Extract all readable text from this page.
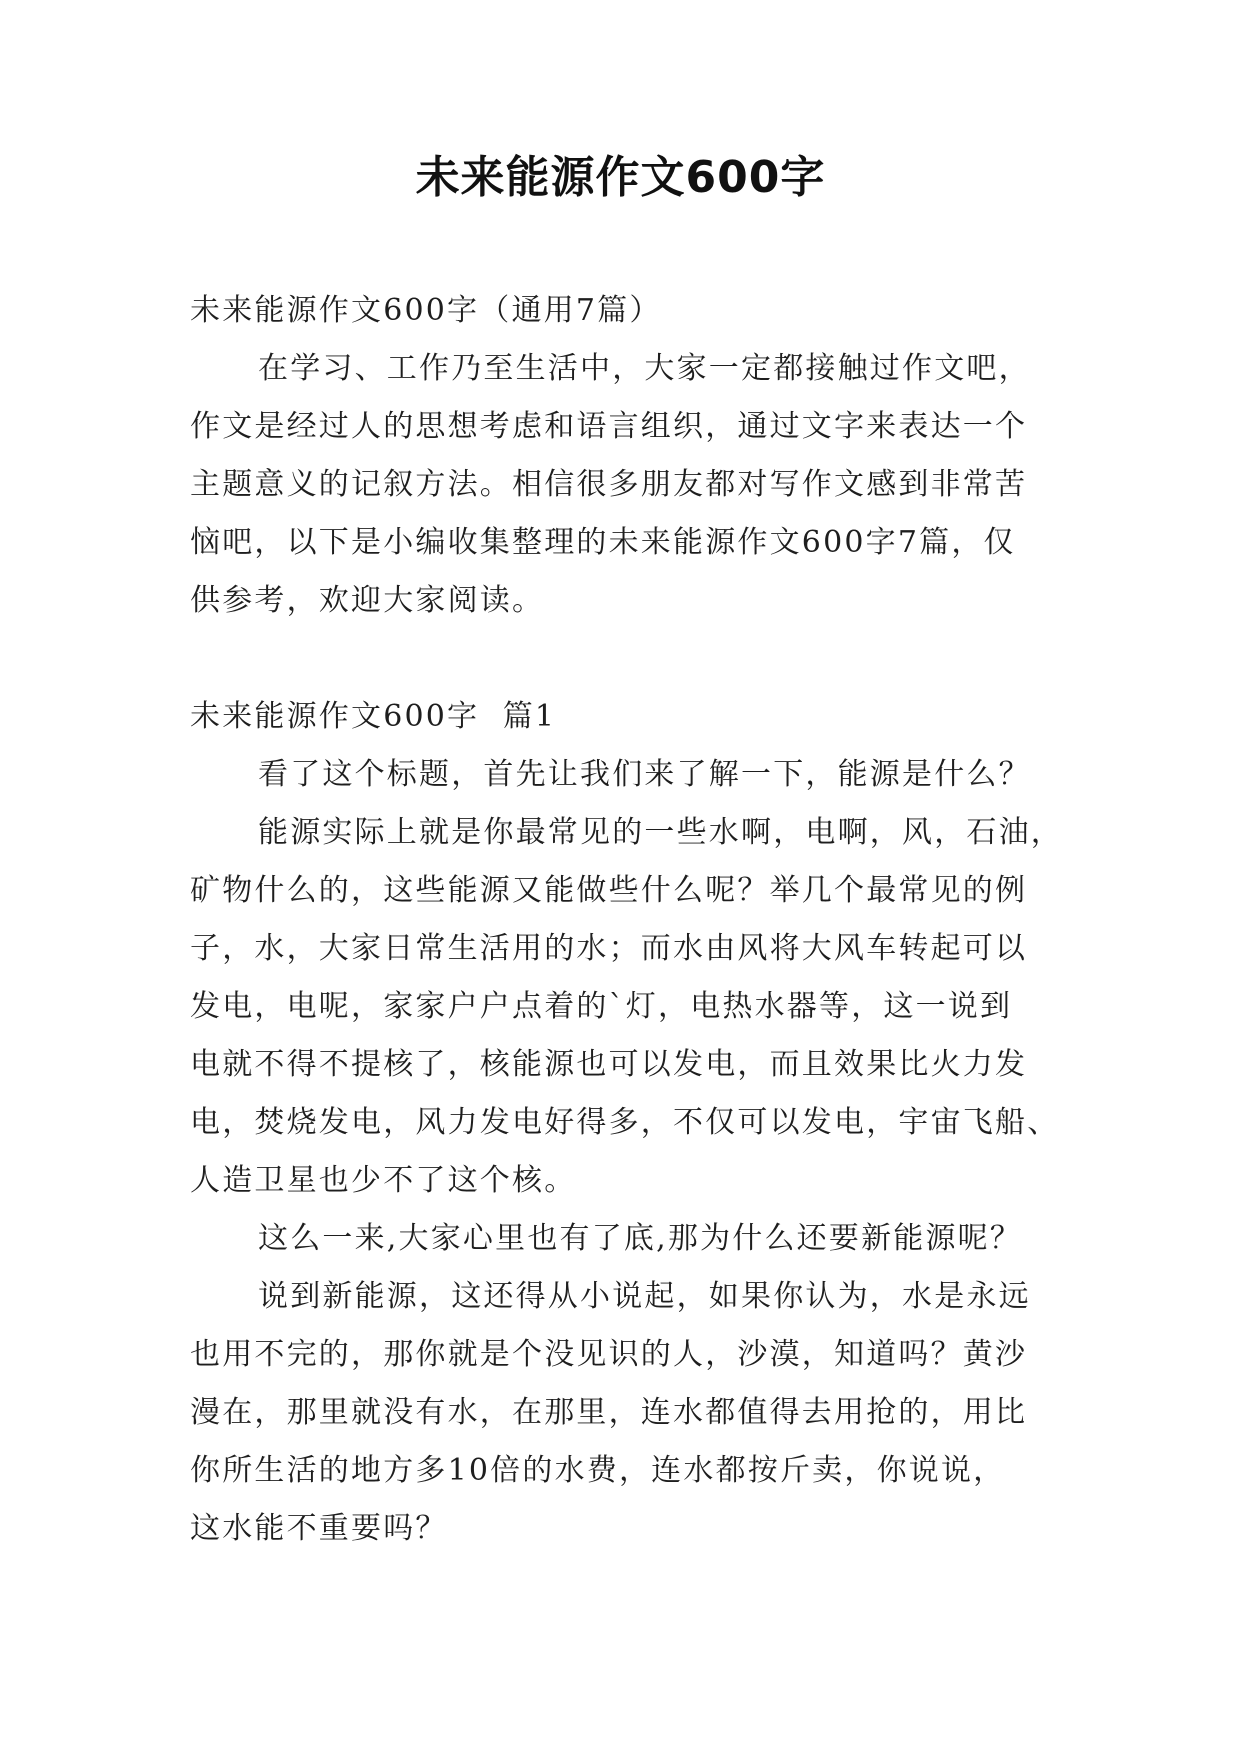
未来能源作文600字
未来能源作文600字（通用7篇）
在学习、工作乃至生活中，大家一定都接触过作文吧，
作文是经过人的思想考虑和语言组织，通过文字来表达一个
主题意义的记叙方法。相信很多朋友都对写作文感到非常苦
恼吧，以下是小编收集整理的未来能源作文600字7篇，仅
供参考，欢迎大家阅读。
未来能源作文600字  篇1
看了这个标题，首先让我们来了解一下，能源是什么？
能源实际上就是你最常见的一些水啊，电啊，风，石油，
矿物什么的，这些能源又能做些什么呢？举几个最常见的例
子，水，大家日常生活用的水；而水由风将大风车转起可以
发电，电呢，家家户户点着的`灯，电热水器等，这一说到
电就不得不提核了，核能源也可以发电，而且效果比火力发
电，焚烧发电，风力发电好得多，不仅可以发电，宇宙飞船、
人造卫星也少不了这个核。
这么一来,大家心里也有了底,那为什么还要新能源呢？
说到新能源，这还得从小说起，如果你认为，水是永远
也用不完的，那你就是个没见识的人，沙漠，知道吗？黄沙
漫在，那里就没有水，在那里，连水都值得去用抢的，用比
你所生活的地方多10倍的水费，连水都按斤卖，你说说，
这水能不重要吗？
